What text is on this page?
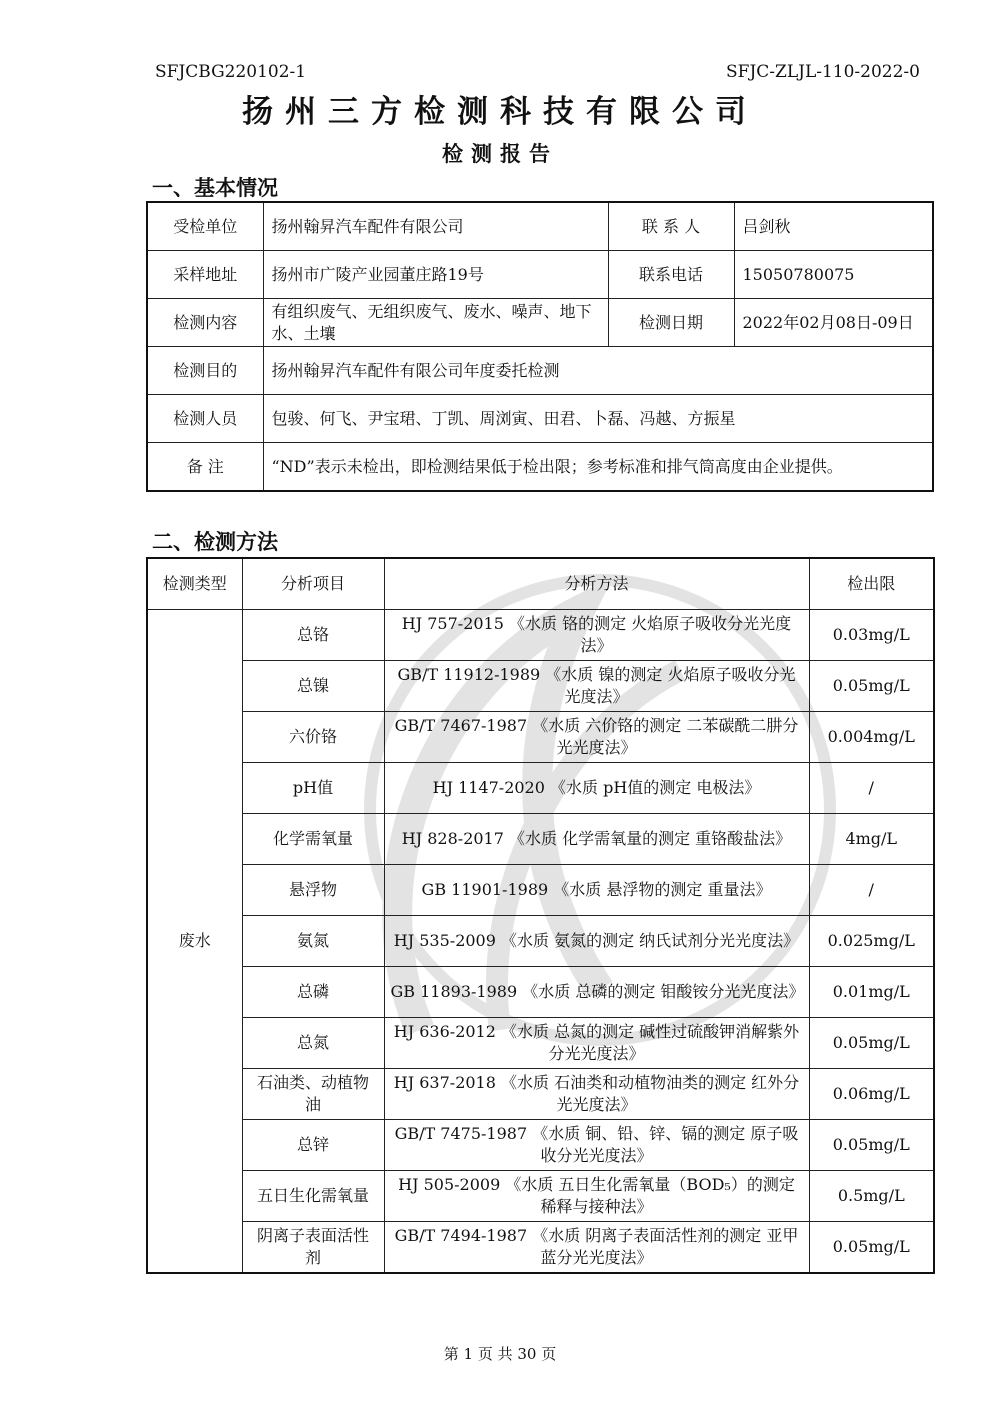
SFJCBG220102-1	SFJC-ZLJL-110-2022-0
扬州三方检测科技有限公司
检测报告
一、基本情况
受检单位	扬州翰昇汽车配件有限公司	联 系 人	吕剑秋
采样地址	扬州市广陵产业园董庄路19号	联系电话	15050780075
检测内容	有组织废气、无组织废气、废水、噪声、地下水、土壤	检测日期	2022年02月08日-09日
检测目的	扬州翰昇汽车配件有限公司年度委托检测		
检测人员	包骏、何飞、尹宝珺、丁凯、周浏寅、田君、卜磊、冯越、方振星		
备 注	“ND”表示未检出，即检测结果低于检出限；参考标准和排气筒高度由企业提供。		
二、检测方法
检测类型	分析项目	分析方法	检出限
废水	总铬	HJ 757-2015 《水质 铬的测定 火焰原子吸收分光光度法》	0.03mg/L
	总镍	GB/T 11912-1989 《水质 镍的测定 火焰原子吸收分光光度法》	0.05mg/L
	六价铬	GB/T 7467-1987 《水质 六价铬的测定 二苯碳酰二肼分光光度法》	0.004mg/L
	pH值	HJ 1147-2020 《水质 pH值的测定 电极法》	/
	化学需氧量	HJ 828-2017 《水质 化学需氧量的测定 重铬酸盐法》	4mg/L
	悬浮物	GB 11901-1989 《水质 悬浮物的测定 重量法》	/
	氨氮	HJ 535-2009 《水质 氨氮的测定 纳氏试剂分光光度法》	0.025mg/L
	总磷	GB 11893-1989 《水质 总磷的测定 钼酸铵分光光度法》	0.01mg/L
	总氮	HJ 636-2012 《水质 总氮的测定 碱性过硫酸钾消解紫外分光光度法》	0.05mg/L
	石油类、动植物油	HJ 637-2018 《水质 石油类和动植物油类的测定 红外分光光度法》	0.06mg/L
	总锌	GB/T 7475-1987 《水质 铜、铅、锌、镉的测定 原子吸收分光光度法》	0.05mg/L
	五日生化需氧量	HJ 505-2009 《水质 五日生化需氧量（BOD₅）的测定 稀释与接种法》	0.5mg/L
	阴离子表面活性剂	GB/T 7494-1987 《水质 阴离子表面活性剂的测定 亚甲蓝分光光度法》	0.05mg/L
第 1 页 共 30 页
